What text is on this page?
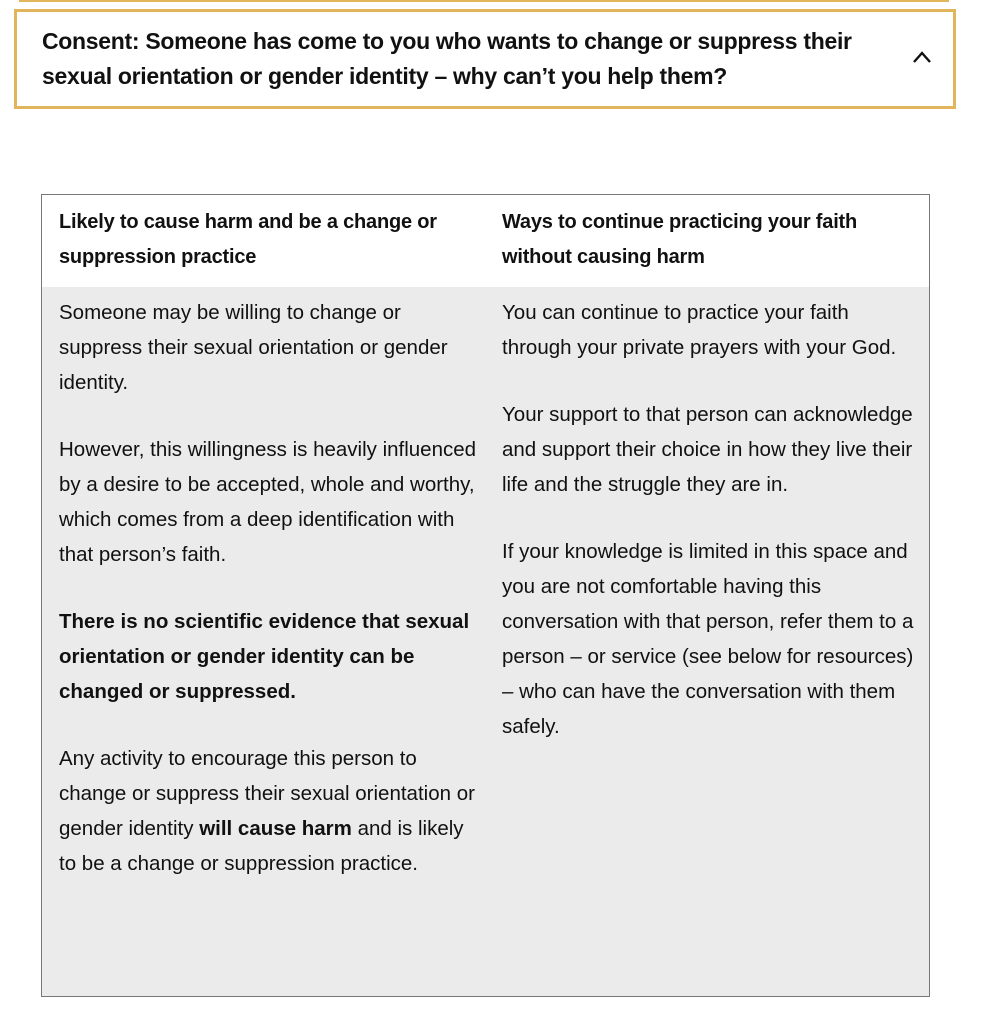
Consent: Someone has come to you who wants to change or suppress their sexual orientation or gender identity – why can’t you help them?
Likely to cause harm and be a change or suppression practice
Ways to continue practicing your faith without causing harm

Someone may be willing to change or suppress their sexual orientation or gender identity.

However, this willingness is heavily influenced by a desire to be accepted, whole and worthy, which comes from a deep identification with that person’s faith.

There is no scientific evidence that sexual orientation or gender identity can be changed or suppressed.

Any activity to encourage this person to change or suppress their sexual orientation or gender identity will cause harm and is likely to be a change or suppression practice.

You can continue to practice your faith through your private prayers with your God.

Your support to that person can acknowledge and support their choice in how they live their life and the struggle they are in.

If your knowledge is limited in this space and you are not comfortable having this conversation with that person, refer them to a person – or service (see below for resources) – who can have the conversation with them safely.
